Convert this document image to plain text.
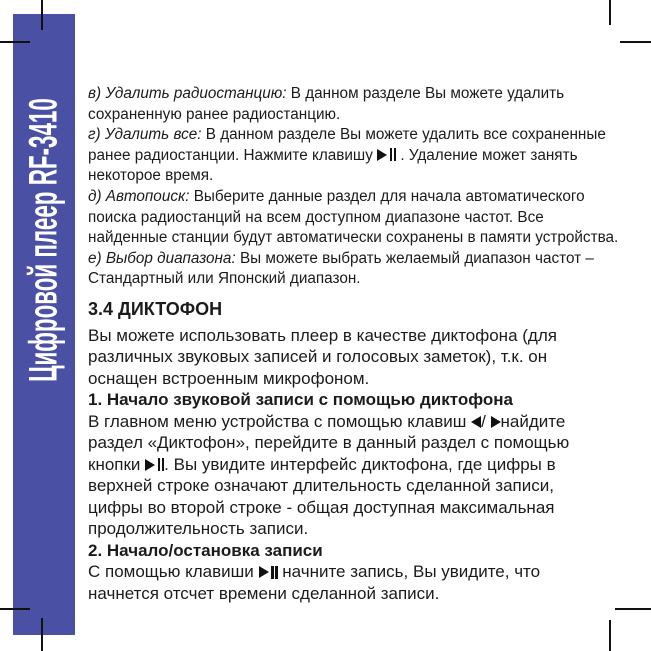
Цифровой плеер RF-3410

в) Удалить радиостанцию: В данном разделе Вы можете удалить сохраненную ранее радиостанцию.

г) Удалить все: В данном разделе Вы можете удалить все сохраненные ранее радиостанции. Нажмите клавишу
. Удаление может занять некоторое время.

д) Автопоиск: Выберите данные раздел для начала автоматического поиска радиостанций на всем доступном диапазоне частот. Все найденные станции будут автоматически сохранены в памяти устройства.

е) Выбор диапазона: Вы можете выбрать желаемый диапазон частот – Стандартный или Японский диапазон.

3.4 ДИКТОФОН

Вы можете использовать плеер в качестве диктофона (для различных звуковых записей и голосовых заметок), т.к. он оснащен встроенным микрофоном.

1. Начало звуковой записи с помощью диктофона

В главном меню устройства с помощью клавиш
/
найдите раздел «Диктофон», перейдите в данный раздел с помощью кнопки
. Вы увидите интерфейс диктофона, где цифры в верхней строке означают длительность сделанной записи, цифры во второй строке - общая доступная максимальная продолжительность записи.

2. Начало/остановка записи

С помощью клавиши
начните запись, Вы увидите, что начнется отсчет времени сделанной записи.
